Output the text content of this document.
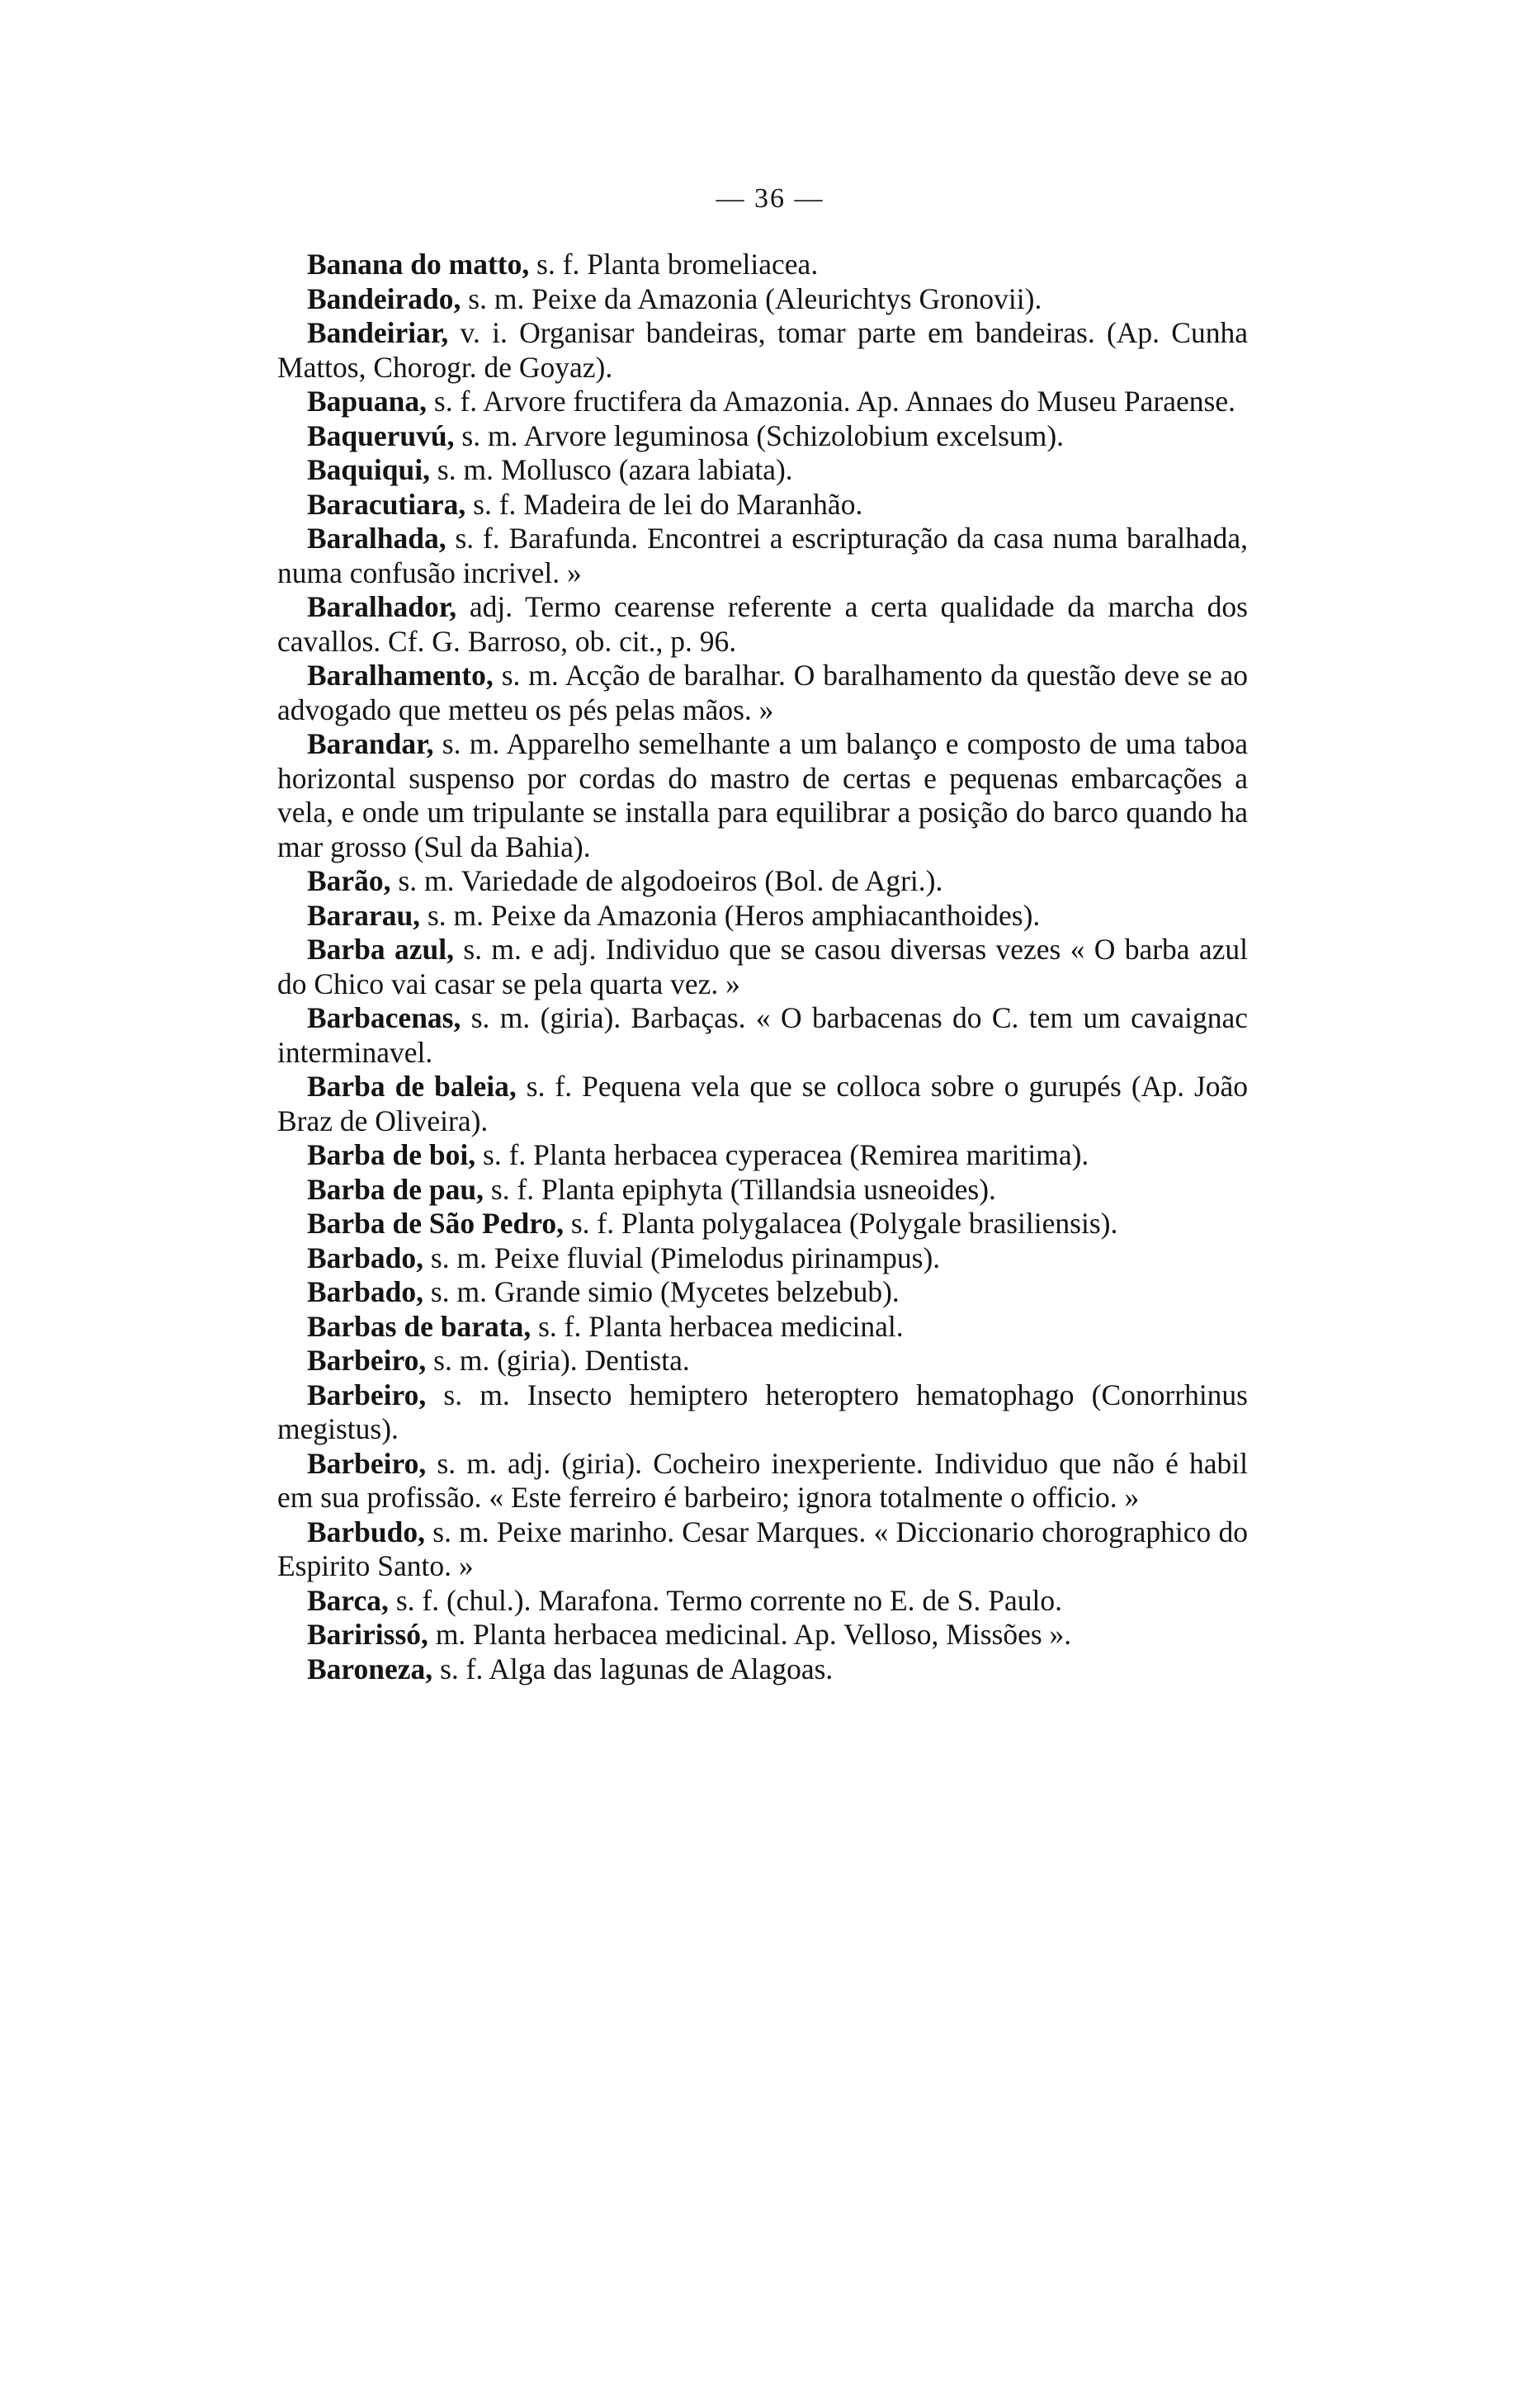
— 36 —

Banana do matto, s. f. Planta bromeliacea.

Bandeirado, s. m. Peixe da Amazonia (Aleurichtys Gronovii).

Bandeiriar, v. i. Organisar bandeiras, tomar parte em bandeiras. (Ap. Cunha Mattos, Chorogr. de Goyaz).

Bapuana, s. f. Arvore fructifera da Amazonia. Ap. Annaes do Museu Paraense.

Baqueruvú, s. m. Arvore leguminosa (Schizolobium excelsum).

Baquiqui, s. m. Mollusco (azara labiata).

Baracutiara, s. f. Madeira de lei do Maranhão.

Baralhada, s. f. Barafunda. Encontrei a escripturação da casa numa baralhada, numa confusão incrivel. »

Baralhador, adj. Termo cearense referente a certa qualidade da marcha dos cavallos. Cf. G. Barroso, ob. cit., p. 96.

Baralhamento, s. m. Acção de baralhar. O baralhamento da questão deve se ao advogado que metteu os pés pelas mãos. »

Barandar, s. m. Apparelho semelhante a um balanço e composto de uma taboa horizontal suspenso por cordas do mastro de certas e pequenas embarcações a vela, e onde um tripulante se installa para equilibrar a posição do barco quando ha mar grosso (Sul da Bahia).

Barão, s. m. Variedade de algodoeiros (Bol. de Agri.).

Bararau, s. m. Peixe da Amazonia (Heros amphiacanthoides).

Barba azul, s. m. e adj. Individuo que se casou diversas vezes « O barba azul do Chico vai casar se pela quarta vez. »

Barbacenas, s. m. (giria). Barbaças. « O barbacenas do C. tem um cavaignac interminavel.

Barba de baleia, s. f. Pequena vela que se colloca sobre o gurupés (Ap. João Braz de Oliveira).

Barba de boi, s. f. Planta herbacea cyperacea (Remirea maritima).

Barba de pau, s. f. Planta epiphyta (Tillandsia usneoides).

Barba de São Pedro, s. f. Planta polygalacea (Polygale brasiliensis).

Barbado, s. m. Peixe fluvial (Pimelodus pirinampus).

Barbado, s. m. Grande simio (Mycetes belzebub).

Barbas de barata, s. f. Planta herbacea medicinal.

Barbeiro, s. m. (giria). Dentista.

Barbeiro, s. m. Insecto hemiptero heteroptero hematophago (Conorrhinus megistus).

Barbeiro, s. m. adj. (giria). Cocheiro inexperiente. Individuo que não é habil em sua profissão. « Este ferreiro é barbeiro; ignora totalmente o officio. »

Barbudo, s. m. Peixe marinho. Cesar Marques. « Diccionario chorographico do Espirito Santo. »

Barca, s. f. (chul.). Marafona. Termo corrente no E. de S. Paulo.

Baririssó, m. Planta herbacea medicinal. Ap. Velloso, Missões ».

Baroneza, s. f. Alga das lagunas de Alagoas.
